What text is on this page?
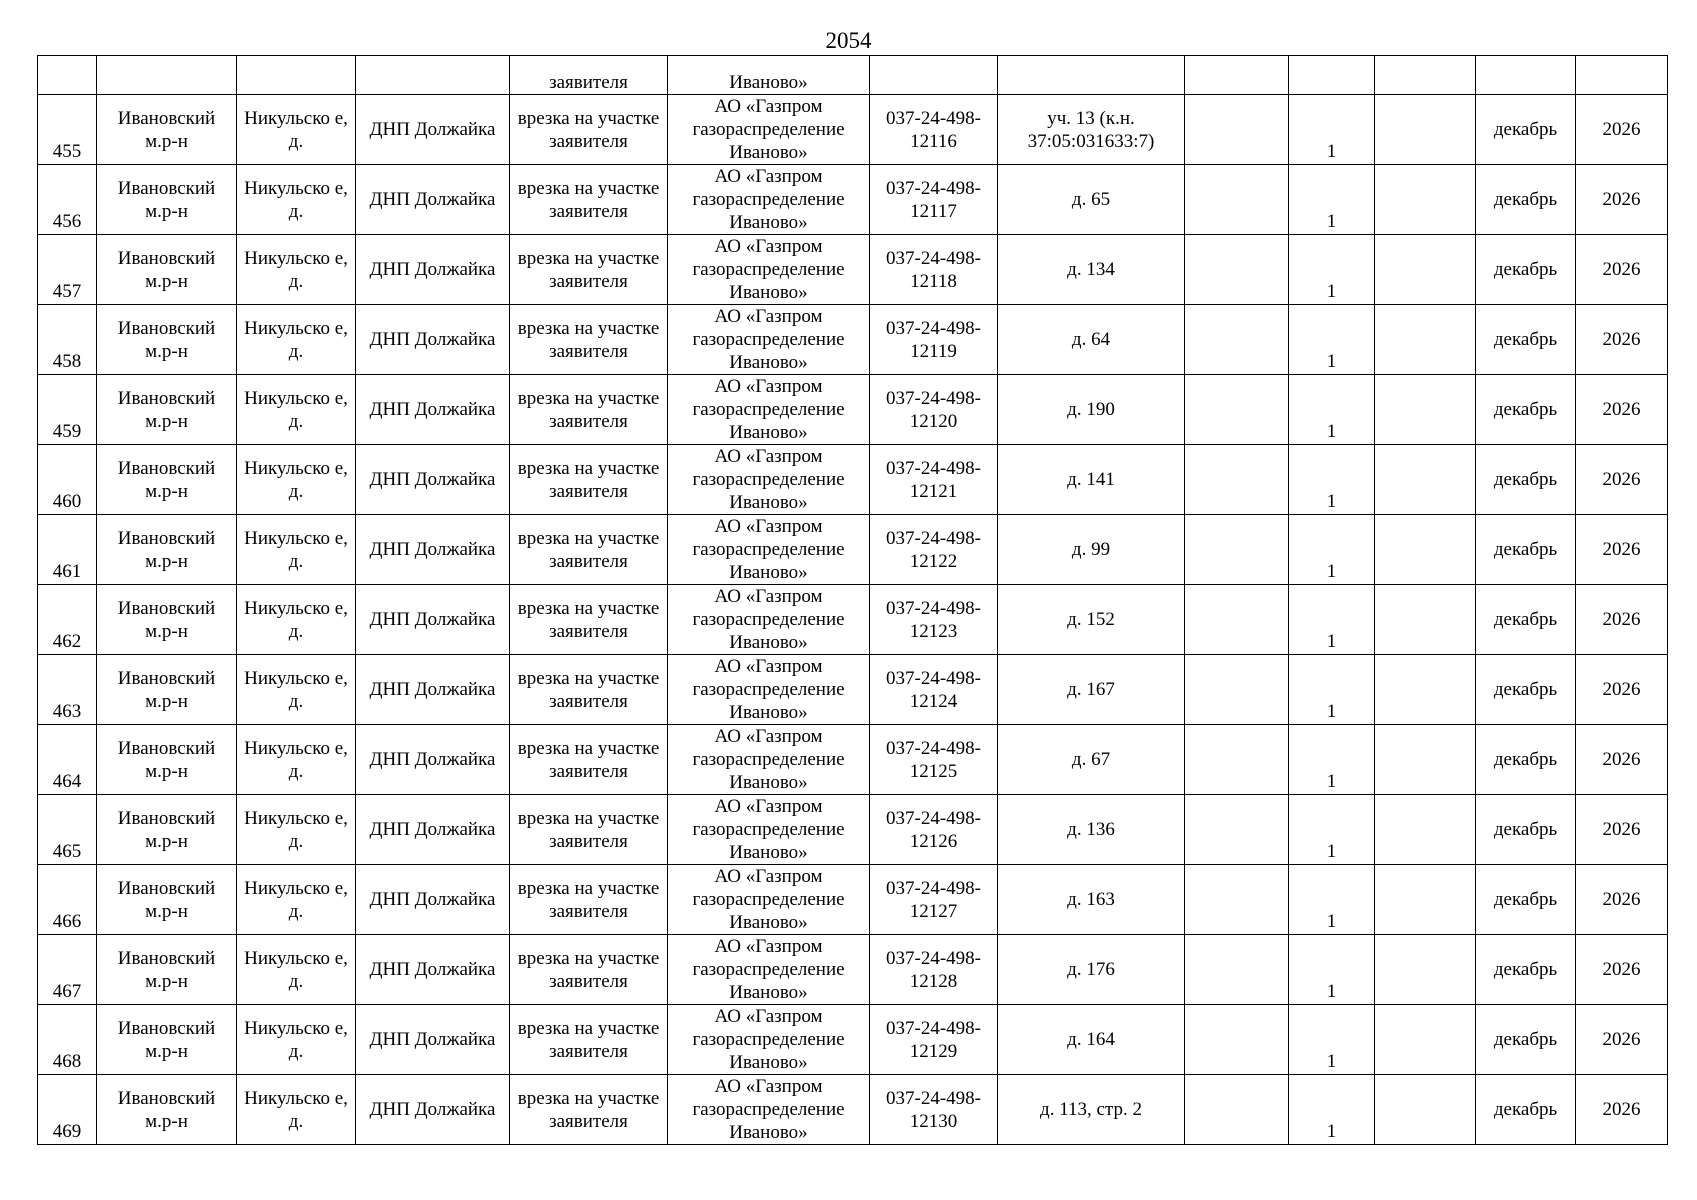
2054
				заявителя	Иваново»							
455	Ивановский м.р-н	Никульско е, д.	ДНП Должайка	врезка на участке заявителя	АО «Газпром газораспределение Иваново»	037-24-498-12116	уч. 13 (к.н. 37:05:031633:7)		1		декабрь	2026
456	Ивановский м.р-н	Никульско е, д.	ДНП Должайка	врезка на участке заявителя	АО «Газпром газораспределение Иваново»	037-24-498-12117	д. 65		1		декабрь	2026
457	Ивановский м.р-н	Никульско е, д.	ДНП Должайка	врезка на участке заявителя	АО «Газпром газораспределение Иваново»	037-24-498-12118	д. 134		1		декабрь	2026
458	Ивановский м.р-н	Никульско е, д.	ДНП Должайка	врезка на участке заявителя	АО «Газпром газораспределение Иваново»	037-24-498-12119	д. 64		1		декабрь	2026
459	Ивановский м.р-н	Никульско е, д.	ДНП Должайка	врезка на участке заявителя	АО «Газпром газораспределение Иваново»	037-24-498-12120	д. 190		1		декабрь	2026
460	Ивановский м.р-н	Никульско е, д.	ДНП Должайка	врезка на участке заявителя	АО «Газпром газораспределение Иваново»	037-24-498-12121	д. 141		1		декабрь	2026
461	Ивановский м.р-н	Никульско е, д.	ДНП Должайка	врезка на участке заявителя	АО «Газпром газораспределение Иваново»	037-24-498-12122	д. 99		1		декабрь	2026
462	Ивановский м.р-н	Никульско е, д.	ДНП Должайка	врезка на участке заявителя	АО «Газпром газораспределение Иваново»	037-24-498-12123	д. 152		1		декабрь	2026
463	Ивановский м.р-н	Никульско е, д.	ДНП Должайка	врезка на участке заявителя	АО «Газпром газораспределение Иваново»	037-24-498-12124	д. 167		1		декабрь	2026
464	Ивановский м.р-н	Никульско е, д.	ДНП Должайка	врезка на участке заявителя	АО «Газпром газораспределение Иваново»	037-24-498-12125	д. 67		1		декабрь	2026
465	Ивановский м.р-н	Никульско е, д.	ДНП Должайка	врезка на участке заявителя	АО «Газпром газораспределение Иваново»	037-24-498-12126	д. 136		1		декабрь	2026
466	Ивановский м.р-н	Никульско е, д.	ДНП Должайка	врезка на участке заявителя	АО «Газпром газораспределение Иваново»	037-24-498-12127	д. 163		1		декабрь	2026
467	Ивановский м.р-н	Никульско е, д.	ДНП Должайка	врезка на участке заявителя	АО «Газпром газораспределение Иваново»	037-24-498-12128	д. 176		1		декабрь	2026
468	Ивановский м.р-н	Никульско е, д.	ДНП Должайка	врезка на участке заявителя	АО «Газпром газораспределение Иваново»	037-24-498-12129	д. 164		1		декабрь	2026
469	Ивановский м.р-н	Никульско е, д.	ДНП Должайка	врезка на участке заявителя	АО «Газпром газораспределение Иваново»	037-24-498-12130	д. 113, стр. 2		1		декабрь	2026
